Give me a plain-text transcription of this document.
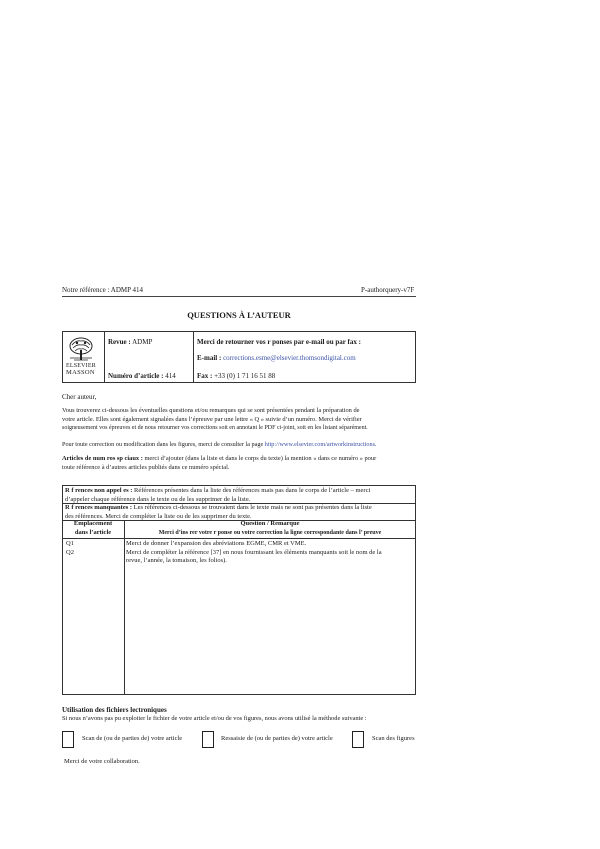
Notre référence : ADMP 414	P-authorquery-v7F
QUESTIONS À L’AUTEUR
ELSEVIER
MASSON
Revue : ADMP
Numéro d’article : 414
Merci de retourner vos r ponses par e-mail ou par fax :
E-mail : corrections.esme@elsevier.thomsondigital.com
Fax : +33 (0) 1 71 16 51 88
Cher auteur,
Vous trouverez ci-dessous les éventuelles questions et/ou remarques qui se sont présentées pendant la préparation de
votre article. Elles sont également signalées dans l’épreuve par une lettre « Q » suivie d’un numéro. Merci de vérifier
soigneusement vos épreuves et de nous retourner vos corrections soit en annotant le PDF ci-joint, soit en les listant séparément.
Pour toute correction ou modification dans les figures, merci de consulter la page http://www.elsevier.com/artworkinstructions.
Articles de num ros sp ciaux : merci d’ajouter (dans la liste et dans le corps du texte) la mention « dans ce numéro » pour
toute référence à d’autres articles publiés dans ce numéro spécial.
R f rences non appel es : Références présentes dans la liste des références mais pas dans le corps de l’article – merci
d’appeler chaque référence dans le texte ou de les supprimer de la liste.
R f rences manquantes : Les références ci-dessous se trouvaient dans le texte mais ne sont pas présentes dans la liste
des références. Merci de compléter la liste ou de les supprimer du texte.
Emplacement
dans l’article
Question / Remarque
Merci d’ins rer votre r ponse ou votre correction la ligne correspondante dans l’ preuve
Q1	Merci de donner l’expansion des abréviations EGME, CMR et VME.
Q2	Merci de compléter la référence [37] en nous fournissant les éléments manquants soit le nom de la
revue, l’année, la tomaison, les folios).
Utilisation des fichiers lectroniques
Si nous n’avons pas pu exploiter le fichier de votre article et/ou de vos figures, nous avons utilisé la méthode suivante :
Scan de (ou de parties de) votre article	Ressaisie de (ou de parties de) votre article	Scan des figures
Merci de votre collaboration.
